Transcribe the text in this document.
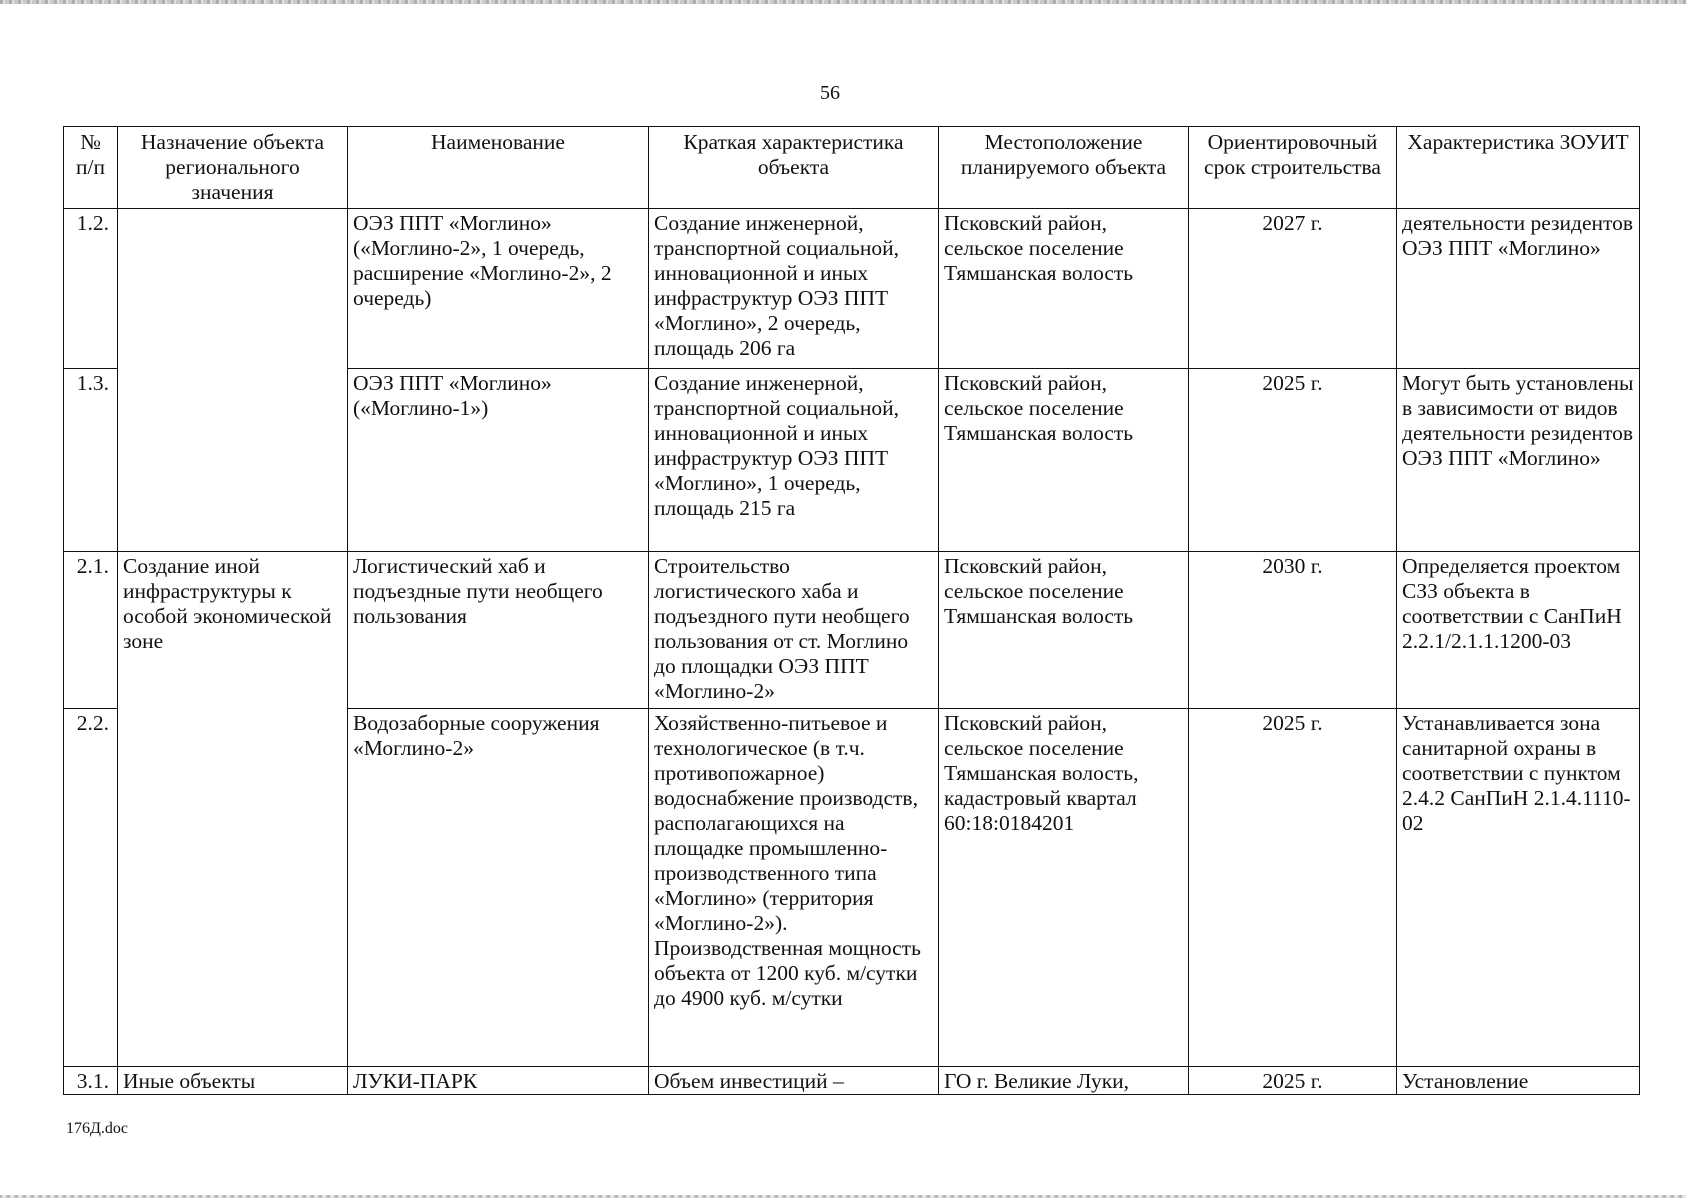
56
№ п/п	Назначение объекта регионального значения	Наименование	Краткая характеристика объекта	Местоположение планируемого объекта	Ориентировочный срок строительства	Характеристика ЗОУИТ
1.2.		ОЭЗ ППТ «Моглино» («Моглино-2», 1 очередь, расширение «Моглино-2», 2 очередь)	Создание инженерной, транспортной социальной, инновационной и иных инфраструктур ОЭЗ ППТ «Моглино», 2 очередь, площадь 206 га	Псковский район, сельское поселение Тямшанская волость	2027 г.	деятельности резидентов ОЭЗ ППТ «Моглино»
1.3.		ОЭЗ ППТ «Моглино» («Моглино-1»)	Создание инженерной, транспортной социальной, инновационной и иных инфраструктур ОЭЗ ППТ «Моглино», 1 очередь, площадь 215 га	Псковский район, сельское поселение Тямшанская волость	2025 г.	Могут быть установлены в зависимости от видов деятельности резидентов ОЭЗ ППТ «Моглино»
2.1.	Создание иной инфраструктуры к особой экономической зоне	Логистический хаб и подъездные пути необщего пользования	Строительство логистического хаба и подъездного пути необщего пользования от ст. Моглино до площадки ОЭЗ ППТ «Моглино-2»	Псковский район, сельское поселение Тямшанская волость	2030 г.	Определяется проектом СЗЗ объекта в соответствии с СанПиН 2.2.1/2.1.1.1200-03
2.2.		Водозаборные сооружения «Моглино-2»	Хозяйственно-питьевое и технологическое (в т.ч. противопожарное) водоснабжение производств, располагающихся на площадке промышленно-производственного типа «Моглино» (территория «Моглино-2»). Производственная мощность объекта от 1200 куб. м/сутки до 4900 куб. м/сутки	Псковский район, сельское поселение Тямшанская волость, кадастровый квартал 60:18:0184201	2025 г.	Устанавливается зона санитарной охраны в соответствии с пунктом 2.4.2 СанПиН 2.1.4.1110-02
3.1.	Иные объекты	ЛУКИ-ПАРК	Объем инвестиций –	ГО г. Великие Луки,	2025 г.	Установление
176Д.doc
